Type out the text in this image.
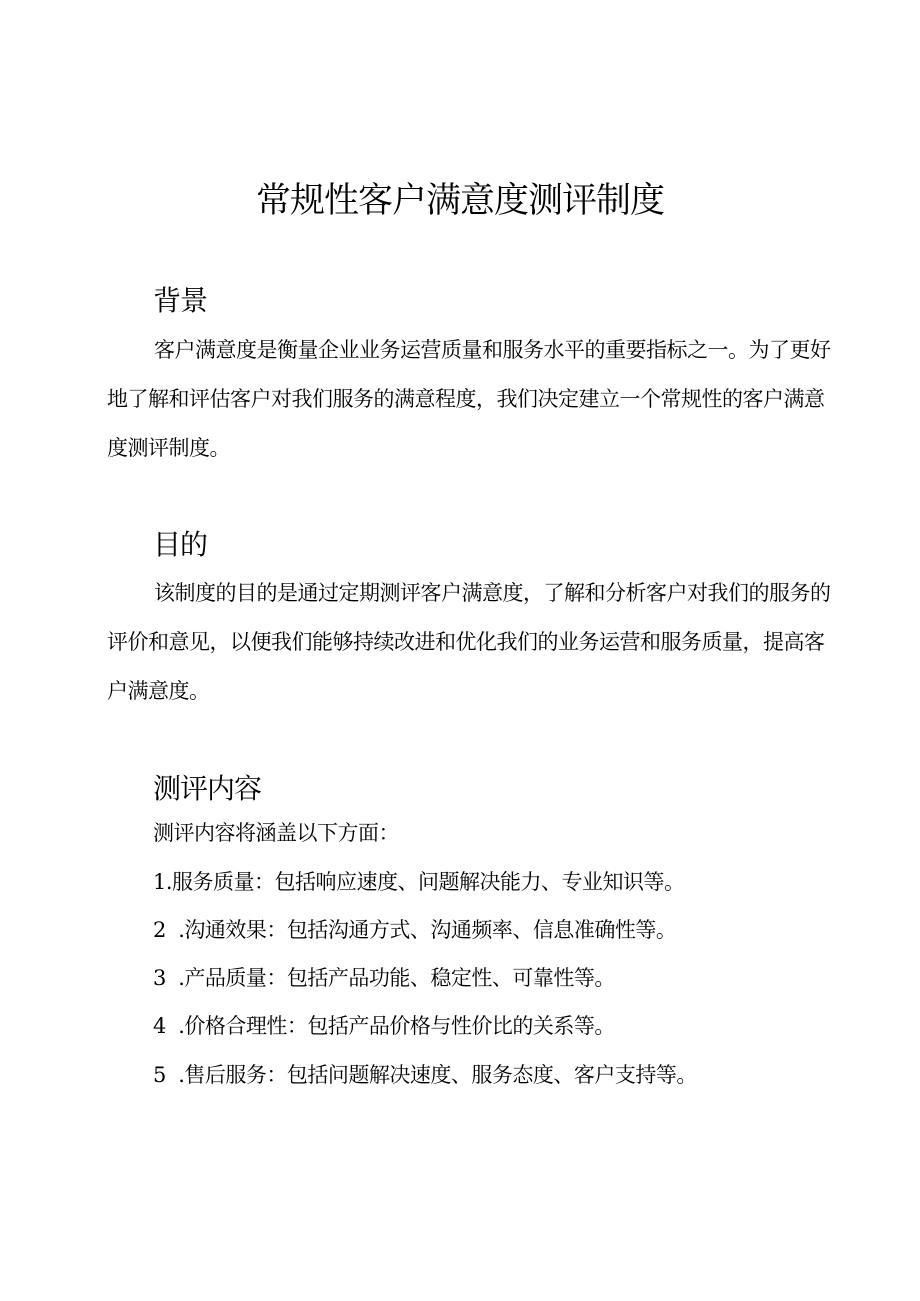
常规性客户满意度测评制度
背景

客户满意度是衡量企业业务运营质量和服务水平的重要指标之一。为了更好地了解和评估客户对我们服务的满意程度，我们决定建立一个常规性的客户满意度测评制度。

目的

该制度的目的是通过定期测评客户满意度，了解和分析客户对我们的服务的评价和意见，以便我们能够持续改进和优化我们的业务运营和服务质量，提高客户满意度。

测评内容
测评内容将涵盖以下方面：
1.服务质量：包括响应速度、问题解决能力、专业知识等。
2  .沟通效果：包括沟通方式、沟通频率、信息准确性等。
3  .产品质量：包括产品功能、稳定性、可靠性等。
4  .价格合理性：包括产品价格与性价比的关系等。
5  .售后服务：包括问题解决速度、服务态度、客户支持等。
